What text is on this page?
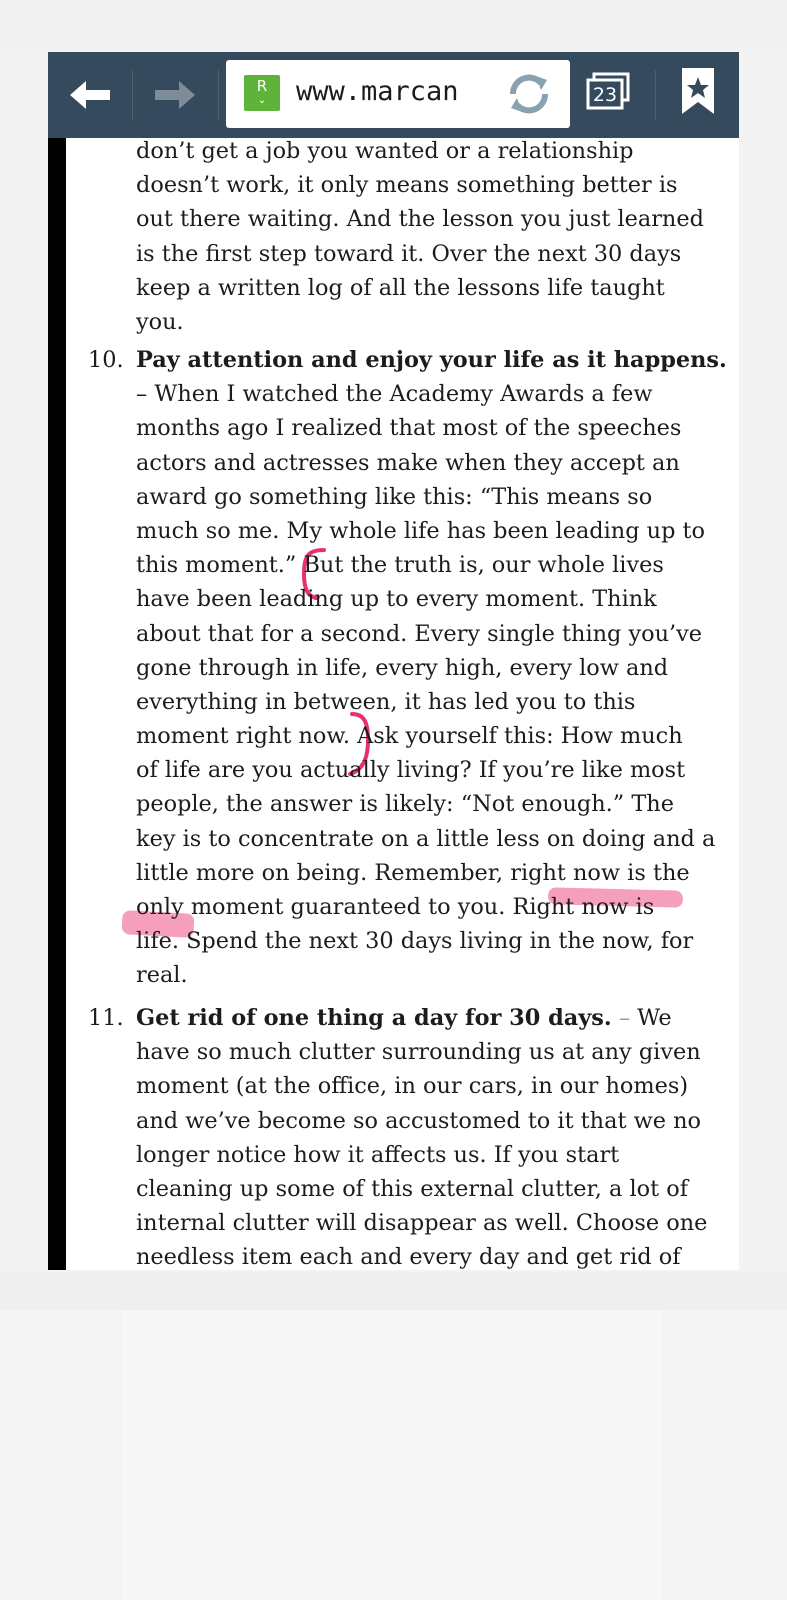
R
⌄	www.marcan	23
don’t get a job you wanted or a relationship
doesn’t work, it only means something better is
out there waiting. And the lesson you just learned
is the first step toward it. Over the next 30 days
keep a written log of all the lessons life taught
you.
10. Pay attention and enjoy your life as it happens.
– When I watched the Academy Awards a few
months ago I realized that most of the speeches
actors and actresses make when they accept an
award go something like this: “This means so
much so me. My whole life has been leading up to
this moment.” But the truth is, our whole lives
have been leading up to every moment. Think
about that for a second. Every single thing you’ve
gone through in life, every high, every low and
everything in between, it has led you to this
moment right now. Ask yourself this: How much
of life are you actually living? If you’re like most
people, the answer is likely: “Not enough.” The
key is to concentrate on a little less on doing and a
little more on being. Remember, right now is the
only moment guaranteed to you. Right now is
life. Spend the next 30 days living in the now, for
real.
11. Get rid of one thing a day for 30 days. – We
have so much clutter surrounding us at any given
moment (at the office, in our cars, in our homes)
and we’ve become so accustomed to it that we no
longer notice how it affects us. If you start
cleaning up some of this external clutter, a lot of
internal clutter will disappear as well. Choose one
needless item each and every day and get rid of
